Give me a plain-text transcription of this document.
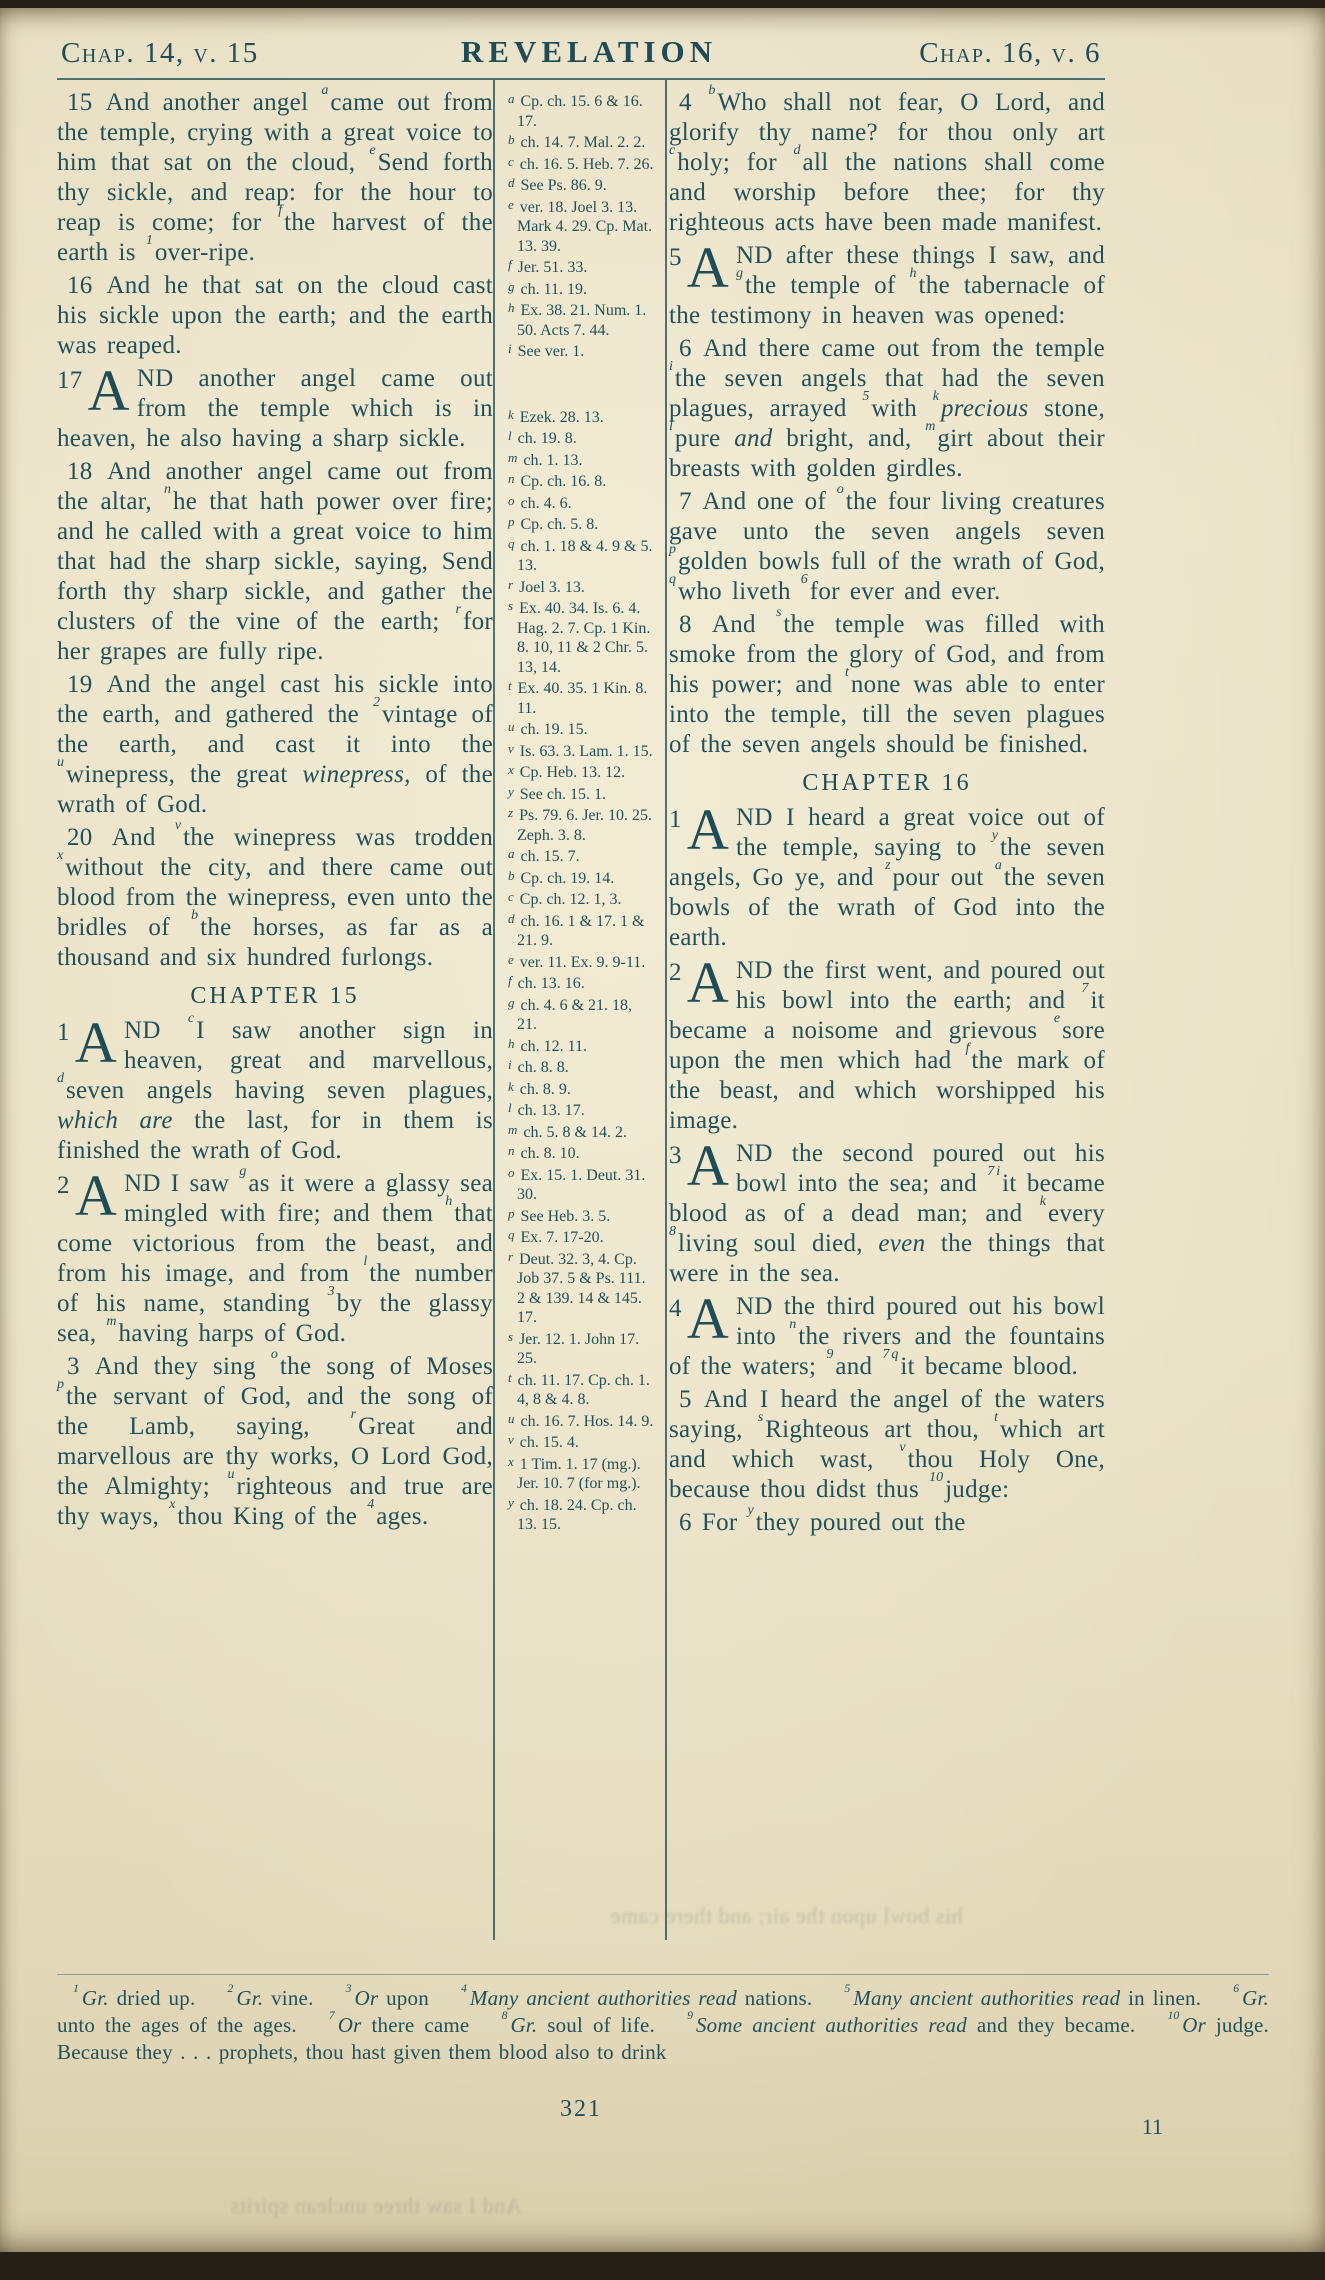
his bowl upon the air; and there came
And I saw three unclean spirits
Chap. 14, v. 15	REVELATION	Chap. 16, v. 6

15 And another angel $^a$came out from the temple, crying with a great voice to him that sat on the cloud, $^e$Send forth thy sickle, and reap: for the hour to reap is come; for $^f$the harvest of the earth is $^1$over-ripe.

16 And he that sat on the cloud cast his sickle upon the earth; and the earth was reaped.

17 A ND another angel came out from the temple which is in heaven, he also having a sharp sickle.

18 And another angel came out from the altar, $^n$he that hath power over fire; and he called with a great voice to him that had the sharp sickle, saying, Send forth thy sharp sickle, and gather the clusters of the vine of the earth; $^r$for her grapes are fully ripe.

19 And the angel cast his sickle into the earth, and gathered the $^2$vintage of the earth, and cast it into the $^u$winepress, the great winepress, of the wrath of God.

20 And $^v$the winepress was trodden $^x$without the city, and there came out blood from the winepress, even unto the bridles of $^b$the horses, as far as a thousand and six hundred furlongs.

CHAPTER 15

1 A ND $^c$I saw another sign in heaven, great and marvellous, $^d$seven angels having seven plagues, which are the last, for in them is finished the wrath of God.

2 A ND I saw $^g$as it were a glassy sea mingled with fire; and them $^h$that come victorious from the beast, and from his image, and from $^l$the number of his name, standing $^3$by the glassy sea, $^m$having harps of God.

3 And they sing $^o$the song of Moses $^p$the servant of God, and the song of the Lamb, saying, $^r$Great and marvellous are thy works, O Lord God, the Almighty; $^u$righteous and true are thy ways, $^x$thou King of the $^4$ages.

a Cp. ch. 15. 6 & 16. 17.
b ch. 14. 7. Mal. 2. 2.
c ch. 16. 5. Heb. 7. 26.
d See Ps. 86. 9.
e ver. 18. Joel 3. 13. Mark 4. 29. Cp. Mat. 13. 39.
f Jer. 51. 33.
g ch. 11. 19.
h Ex. 38. 21. Num. 1. 50. Acts 7. 44.
i See ver. 1.
k Ezek. 28. 13.
l ch. 19. 8.
m ch. 1. 13.
n Cp. ch. 16. 8.
o ch. 4. 6.
p Cp. ch. 5. 8.
q ch. 1. 18 & 4. 9 & 5. 13.
r Joel 3. 13.
s Ex. 40. 34. Is. 6. 4. Hag. 2. 7. Cp. 1 Kin. 8. 10, 11 & 2 Chr. 5. 13, 14.
t Ex. 40. 35. 1 Kin. 8. 11.
u ch. 19. 15.
v Is. 63. 3. Lam. 1. 15.
x Cp. Heb. 13. 12.
y See ch. 15. 1.
z Ps. 79. 6. Jer. 10. 25. Zeph. 3. 8.
a ch. 15. 7.
b Cp. ch. 19. 14.
c Cp. ch. 12. 1, 3.
d ch. 16. 1 & 17. 1 & 21. 9.
e ver. 11. Ex. 9. 9-11.
f ch. 13. 16.
g ch. 4. 6 & 21. 18, 21.
h ch. 12. 11.
i ch. 8. 8.
k ch. 8. 9.
l ch. 13. 17.
m ch. 5. 8 & 14. 2.
n ch. 8. 10.
o Ex. 15. 1. Deut. 31. 30.
p See Heb. 3. 5.
q Ex. 7. 17-20.
r Deut. 32. 3, 4. Cp. Job 37. 5 & Ps. 111. 2 & 139. 14 & 145. 17.
s Jer. 12. 1. John 17. 25.
t ch. 11. 17. Cp. ch. 1. 4, 8 & 4. 8.
u ch. 16. 7. Hos. 14. 9.
v ch. 15. 4.
x 1 Tim. 1. 17 (mg.). Jer. 10. 7 (for mg.).
y ch. 18. 24. Cp. ch. 13. 15.

4 $^b$Who shall not fear, O Lord, and glorify thy name? for thou only art $^c$holy; for $^d$all the nations shall come and worship before thee; for thy righteous acts have been made manifest.

5 A ND after these things I saw, and $^g$the temple of $^h$the tabernacle of the testimony in heaven was opened:

6 And there came out from the temple $^i$the seven angels that had the seven plagues, arrayed $^5$with $^k$precious stone, $^l$pure and bright, and, $^m$girt about their breasts with golden girdles.

7 And one of $^o$the four living creatures gave unto the seven angels seven $^p$golden bowls full of the wrath of God, $^q$who liveth $^6$for ever and ever.

8 And $^s$the temple was filled with smoke from the glory of God, and from his power; and $^t$none was able to enter into the temple, till the seven plagues of the seven angels should be finished.

CHAPTER 16

1 A ND I heard a great voice out of the temple, saying to $^y$the seven angels, Go ye, and $^z$pour out $^a$the seven bowls of the wrath of God into the earth.

2 A ND the first went, and poured out his bowl into the earth; and $^7$it became a noisome and grievous $^e$sore upon the men which had $^f$the mark of the beast, and which worshipped his image.

3 A ND the second poured out his bowl into the sea; and $^7$ $^i$it became blood as of a dead man; and $^k$every $^8$living soul died, even the things that were in the sea.

4 A ND the third poured out his bowl into $^n$the rivers and the fountains of the waters; $^9$and $^7$ $^q$it became blood.

5 And I heard the angel of the waters saying, $^s$Righteous art thou, $^t$which art and which wast, $^v$thou Holy One, because thou didst thus $^{10}$judge:

6 For $^y$they poured out the

$^1$ Gr. dried up.   	$^2$ Gr. vine.   	$^3$ Or upon   	$^4$ Many ancient authorities read nations.   	$^5$ Many ancient authorities read in linen.   	$^6$ Gr. unto the ages of the ages.   	$^7$ Or there came   	$^8$ Gr. soul of life.   	$^9$ Some ancient authorities read and they became.   	$^{10}$ Or judge. Because they . . . prophets, thou hast given them blood also to drink   
321
11
